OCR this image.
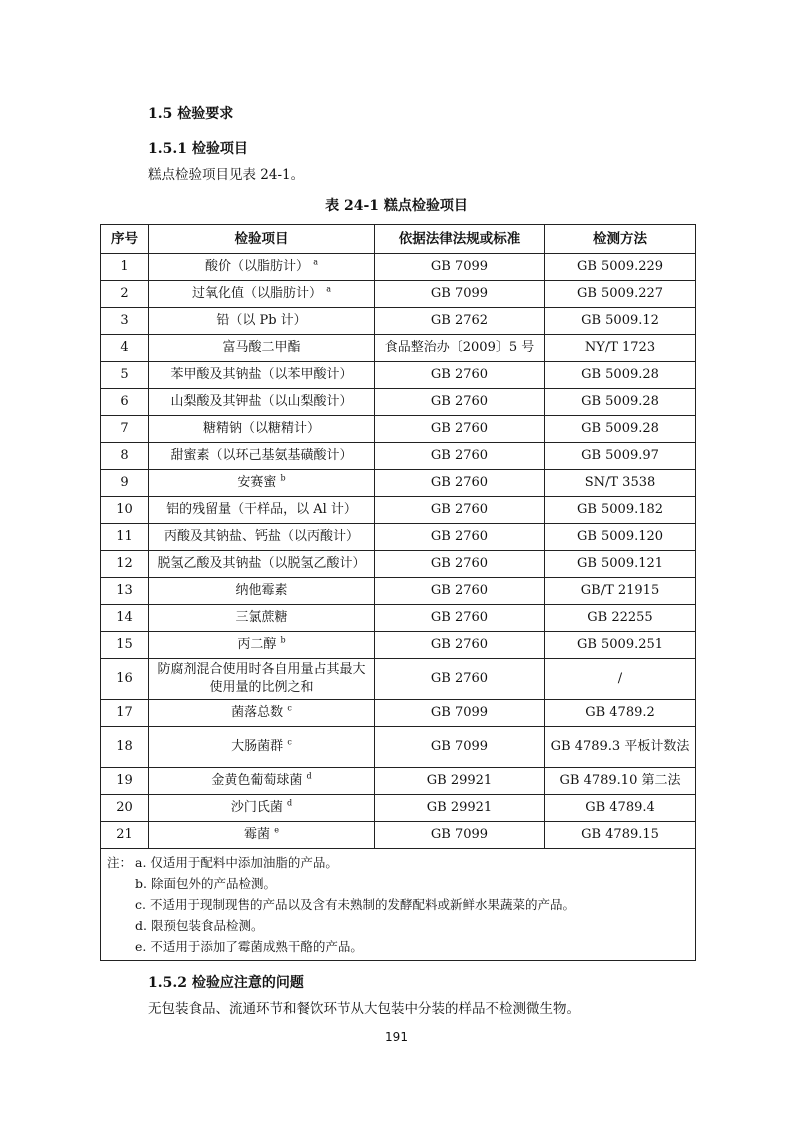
1.5 检验要求
1.5.1 检验项目
糕点检验项目见表 24-1。
表 24-1 糕点检验项目
序号	检验项目	依据法律法规或标准	检测方法
1	酸价（以脂肪计） $^a$	GB 7099	GB 5009.229
2	过氧化值（以脂肪计） $^a$	GB 7099	GB 5009.227
3	铅（以 Pb 计）	GB 2762	GB 5009.12
4	富马酸二甲酯	食品整治办〔2009〕5 号	NY/T 1723
5	苯甲酸及其钠盐（以苯甲酸计）	GB 2760	GB 5009.28
6	山梨酸及其钾盐（以山梨酸计）	GB 2760	GB 5009.28
7	糖精钠（以糖精计）	GB 2760	GB 5009.28
8	甜蜜素（以环己基氨基磺酸计）	GB 2760	GB 5009.97
9	安赛蜜 $^b$	GB 2760	SN/T 3538
10	铝的残留量（干样品，以 Al 计）	GB 2760	GB 5009.182
11	丙酸及其钠盐、钙盐（以丙酸计）	GB 2760	GB 5009.120
12	脱氢乙酸及其钠盐（以脱氢乙酸计）	GB 2760	GB 5009.121
13	纳他霉素	GB 2760	GB/T 21915
14	三氯蔗糖	GB 2760	GB 22255
15	丙二醇 $^b$	GB 2760	GB 5009.251
16	防腐剂混合使用时各自用量占其最大使用量的比例之和	GB 2760	/
17	菌落总数 $^c$	GB 7099	GB 4789.2
18	大肠菌群 $^c$	GB 7099	GB 4789.3 平板计数法
19	金黄色葡萄球菌 $^d$	GB 29921	GB 4789.10 第二法
20	沙门氏菌 $^d$	GB 29921	GB 4789.4
21	霉菌 $^e$	GB 7099	GB 4789.15

注： a. 仅适用于配料中添加油脂的产品。
b. 除面包外的产品检测。
c. 不适用于现制现售的产品以及含有未熟制的发酵配料或新鲜水果蔬菜的产品。
d. 限预包装食品检测。
e. 不适用于添加了霉菌成熟干酪的产品。			
1.5.2 检验应注意的问题
无包装食品、流通环节和餐饮环节从大包装中分装的样品不检测微生物。
191
